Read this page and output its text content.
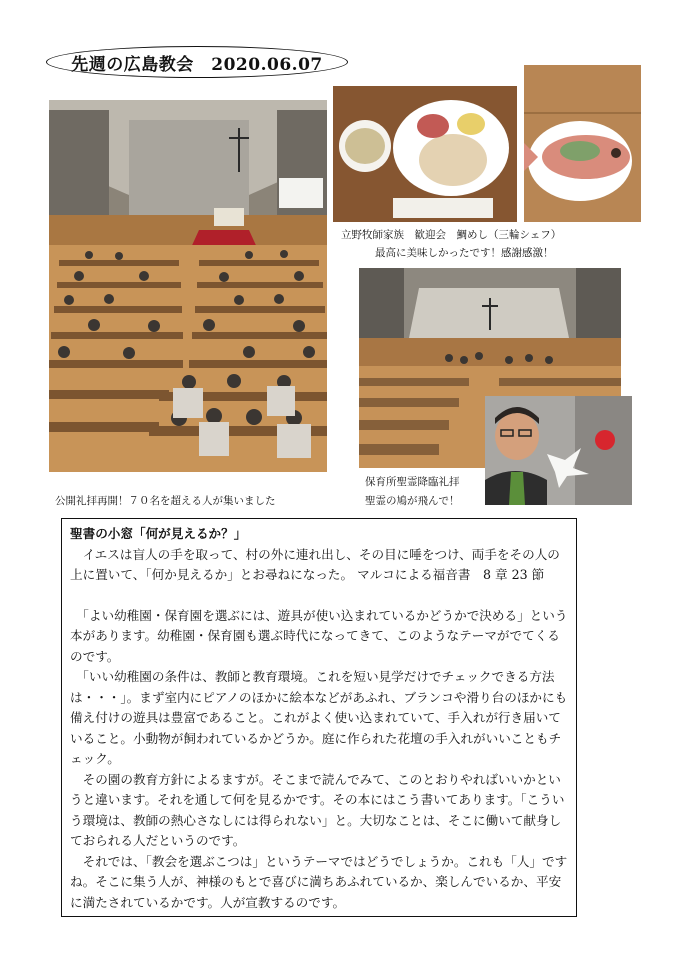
先週の広島教会　2020.06.07
立野牧師家族　歓迎会　鯛めし（三輪シェフ）
最高に美味しかったです！感謝感激！
公開礼拝再開！７０名を超える人が集いました
保育所聖霊降臨礼拝
聖霊の鳩が飛んで！

聖書の小窓「何が見えるか？」

　イエスは盲人の手を取って、村の外に連れ出し、その目に唾をつけ、両手をその人の上に置いて、「何か見えるか」とお尋ねになった。 マルコによる福音書　8 章 23 節

　「よい幼稚園・保育園を選ぶには、遊具が使い込まれているかどうかで決める」という本があります。幼稚園・保育園も選ぶ時代になってきて、このようなテーマがでてくるのです。

　「いい幼稚園の条件は、教師と教育環境。これを短い見学だけでチェックできる方法は・・・」。まず室内にピアノのほかに絵本などがあふれ、ブランコや滑り台のほかにも備え付けの遊具は豊富であること。これがよく使い込まれていて、手入れが行き届いていること。小動物が飼われているかどうか。庭に作られた花壇の手入れがいいこともチェック。

　その園の教育方針によるますが。そこまで読んでみて、このとおりやればいいかというと違います。それを通して何を見るかです。その本にはこう書いてあります。「こういう環境は、教師の熱心さなしには得られない」と。大切なことは、そこに働いて献身しておられる人だというのです。

　それでは、「教会を選ぶこつは」というテーマではどうでしょうか。これも「人」ですね。そこに集う人が、神様のもとで喜びに満ちあふれているか、楽しんでいるか、平安に満たされているかです。人が宣教するのです。
